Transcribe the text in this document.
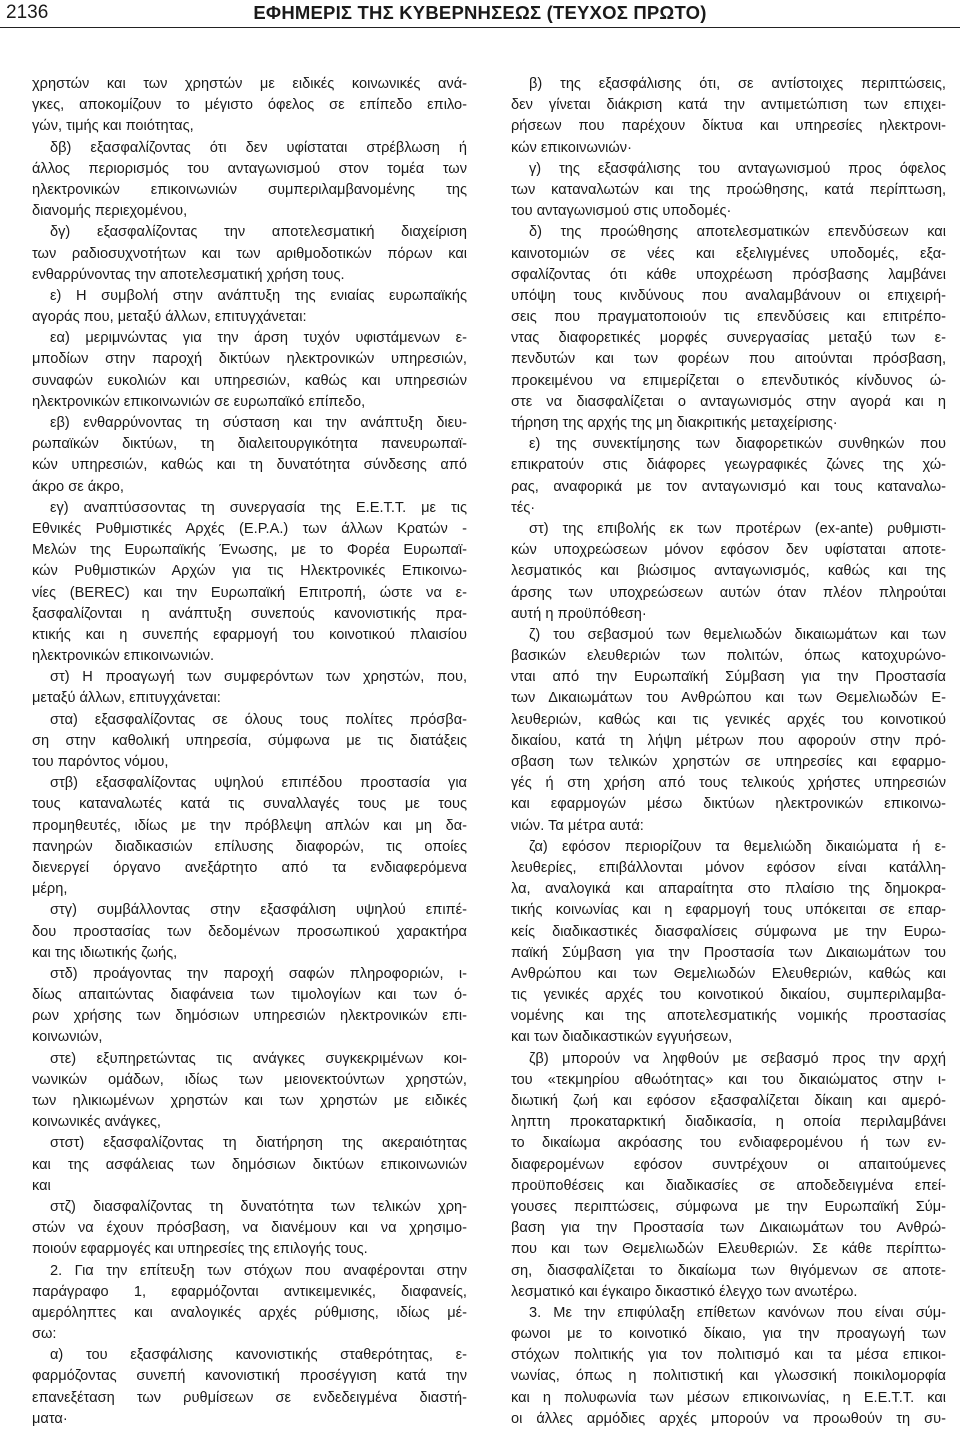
2136	ΕΦΗΜΕΡΙΣ ΤΗΣ ΚΥΒΕΡΝΗΣΕΩΣ (ΤΕΥΧΟΣ ΠΡΩΤΟ)
χρηστών και των χρηστών με ειδικές κοινωνικές ανά-
γκες, αποκομίζουν το μέγιστο όφελος σε επίπεδο επιλο-
γών, τιμής και ποιότητας,
δβ) εξασφαλίζοντας ότι δεν υφίσταται στρέβλωση ή
άλλος περιορισμός του ανταγωνισμού στον τομέα των
ηλεκτρονικών επικοινωνιών συμπεριλαμβανομένης της
διανομής περιεχομένου,
δγ) εξασφαλίζοντας την αποτελεσματική διαχείριση
των ραδιοσυχνοτήτων και των αριθμοδοτικών πόρων και
ενθαρρύνοντας την αποτελεσματική χρήση τους.
ε) Η συμβολή στην ανάπτυξη της ενιαίας ευρωπαϊκής
αγοράς που, μεταξύ άλλων, επιτυγχάνεται:
εα) μεριμνώντας για την άρση τυχόν υφιστάμενων ε-
μποδίων στην παροχή δικτύων ηλεκτρονικών υπηρεσιών,
συναφών ευκολιών και υπηρεσιών, καθώς και υπηρεσιών
ηλεκτρονικών επικοινωνιών σε ευρωπαϊκό επίπεδο,
εβ) ενθαρρύνοντας τη σύσταση και την ανάπτυξη διευ-
ρωπαϊκών δικτύων, τη διαλειτουργικότητα πανευρωπαϊ-
κών υπηρεσιών, καθώς και τη δυνατότητα σύνδεσης από
άκρο σε άκρο,
εγ) αναπτύσσοντας τη συνεργασία της Ε.Ε.Τ.Τ. με τις
Εθνικές Ρυθμιστικές Αρχές (Ε.Ρ.Α.) των άλλων Κρατών -
Μελών της Ευρωπαϊκής Ένωσης, με το Φορέα Ευρωπαϊ-
κών Ρυθμιστικών Αρχών για τις Ηλεκτρονικές Επικοινω-
νίες (BEREC) και την Ευρωπαϊκή Επιτροπή, ώστε να ε-
ξασφαλίζονται η ανάπτυξη συνεπούς κανονιστικής πρα-
κτικής και η συνεπής εφαρμογή του κοινοτικού πλαισίου
ηλεκτρονικών επικοινωνιών.
στ) Η προαγωγή των συμφερόντων των χρηστών, που,
μεταξύ άλλων, επιτυγχάνεται:
στα) εξασφαλίζοντας σε όλους τους πολίτες πρόσβα-
ση στην καθολική υπηρεσία, σύμφωνα με τις διατάξεις
του παρόντος νόμου,
στβ) εξασφαλίζοντας υψηλού επιπέδου προστασία για
τους καταναλωτές κατά τις συναλλαγές τους με τους
προμηθευτές, ιδίως με την πρόβλεψη απλών και μη δα-
πανηρών διαδικασιών επίλυσης διαφορών, τις οποίες
διενεργεί όργανο ανεξάρτητο από τα ενδιαφερόμενα
μέρη,
στγ) συμβάλλοντας στην εξασφάλιση υψηλού επιπέ-
δου προστασίας των δεδομένων προσωπικού χαρακτήρα
και της ιδιωτικής ζωής,
στδ) προάγοντας την παροχή σαφών πληροφοριών, ι-
δίως απαιτώντας διαφάνεια των τιμολογίων και των ό-
ρων χρήσης των δημόσιων υπηρεσιών ηλεκτρονικών επι-
κοινωνιών,
στε) εξυπηρετώντας τις ανάγκες συγκεκριμένων κοι-
νωνικών ομάδων, ιδίως των μειονεκτούντων χρηστών,
των ηλικιωμένων χρηστών και των χρηστών με ειδικές
κοινωνικές ανάγκες,
στστ) εξασφαλίζοντας τη διατήρηση της ακεραιότητας
και της ασφάλειας των δημόσιων δικτύων επικοινωνιών
και
στζ) διασφαλίζοντας τη δυνατότητα των τελικών χρη-
στών να έχουν πρόσβαση, να διανέμουν και να χρησιμο-
ποιούν εφαρμογές και υπηρεσίες της επιλογής τους.
2. Για την επίτευξη των στόχων που αναφέρονται στην
παράγραφο 1, εφαρμόζονται αντικειμενικές, διαφανείς,
αμερόληπτες και αναλογικές αρχές ρύθμισης, ιδίως μέ-
σω:
α) του εξασφάλισης κανονιστικής σταθερότητας, ε-
φαρμόζοντας συνεπή κανονιστική προσέγγιση κατά την
επανεξέταση των ρυθμίσεων σε ενδεδειγμένα διαστή-
ματα·
β) της εξασφάλισης ότι, σε αντίστοιχες περιπτώσεις,
δεν γίνεται διάκριση κατά την αντιμετώπιση των επιχει-
ρήσεων που παρέχουν δίκτυα και υπηρεσίες ηλεκτρονι-
κών επικοινωνιών·
γ) της εξασφάλισης του ανταγωνισμού προς όφελος
των καταναλωτών και της προώθησης, κατά περίπτωση,
του ανταγωνισμού στις υποδομές·
δ) της προώθησης αποτελεσματικών επενδύσεων και
καινοτομιών σε νέες και εξελιγμένες υποδομές, εξα-
σφαλίζοντας ότι κάθε υποχρέωση πρόσβασης λαμβάνει
υπόψη τους κινδύνους που αναλαμβάνουν οι επιχειρή-
σεις που πραγματοποιούν τις επενδύσεις και επιτρέπο-
ντας διαφορετικές μορφές συνεργασίας μεταξύ των ε-
πενδυτών και των φορέων που αιτούνται πρόσβαση,
προκειμένου να επιμερίζεται ο επενδυτικός κίνδυνος ώ-
στε να διασφαλίζεται ο ανταγωνισμός στην αγορά και η
τήρηση της αρχής της μη διακριτικής μεταχείρισης·
ε) της συνεκτίμησης των διαφορετικών συνθηκών που
επικρατούν στις διάφορες γεωγραφικές ζώνες της χώ-
ρας, αναφορικά με τον ανταγωνισμό και τους καταναλω-
τές·
στ) της επιβολής εκ των προτέρων (ex-ante) ρυθμιστι-
κών υποχρεώσεων μόνον εφόσον δεν υφίσταται αποτε-
λεσματικός και βιώσιμος ανταγωνισμός, καθώς και της
άρσης των υποχρεώσεων αυτών όταν πλέον πληρούται
αυτή η προϋπόθεση·
ζ) του σεβασμού των θεμελιωδών δικαιωμάτων και των
βασικών ελευθεριών των πολιτών, όπως κατοχυρώνο-
νται από την Ευρωπαϊκή Σύμβαση για την Προστασία
των Δικαιωμάτων του Ανθρώπου και των Θεμελιωδών Ε-
λευθεριών, καθώς και τις γενικές αρχές του κοινοτικού
δικαίου, κατά τη λήψη μέτρων που αφορούν στην πρό-
σβαση των τελικών χρηστών σε υπηρεσίες και εφαρμο-
γές ή στη χρήση από τους τελικούς χρήστες υπηρεσιών
και εφαρμογών μέσω δικτύων ηλεκτρονικών επικοινω-
νιών. Τα μέτρα αυτά:
ζα) εφόσον περιορίζουν τα θεμελιώδη δικαιώματα ή ε-
λευθερίες, επιβάλλονται μόνον εφόσον είναι κατάλλη-
λα, αναλογικά και απαραίτητα στο πλαίσιο της δημοκρα-
τικής κοινωνίας και η εφαρμογή τους υπόκειται σε επαρ-
κείς διαδικαστικές διασφαλίσεις σύμφωνα με την Ευρω-
παϊκή Σύμβαση για την Προστασία των Δικαιωμάτων του
Ανθρώπου και των Θεμελιωδών Ελευθεριών, καθώς και
τις γενικές αρχές του κοινοτικού δικαίου, συμπεριλαμβα-
νομένης και της αποτελεσματικής νομικής προστασίας
και των διαδικαστικών εγγυήσεων,
ζβ) μπορούν να ληφθούν με σεβασμό προς την αρχή
του «τεκμηρίου αθωότητας» και του δικαιώματος στην ι-
διωτική ζωή και εφόσον εξασφαλίζεται δίκαιη και αμερό-
ληπτη προκαταρκτική διαδικασία, η οποία περιλαμβάνει
το δικαίωμα ακρόασης του ενδιαφερομένου ή των εν-
διαφερομένων εφόσον συντρέχουν οι απαιτούμενες
προϋποθέσεις και διαδικασίες σε αποδεδειγμένα επεί-
γουσες περιπτώσεις, σύμφωνα με την Ευρωπαϊκή Σύμ-
βαση για την Προστασία των Δικαιωμάτων του Ανθρώ-
που και των Θεμελιωδών Ελευθεριών. Σε κάθε περίπτω-
ση, διασφαλίζεται το δικαίωμα των θιγόμενων σε αποτε-
λεσματικό και έγκαιρο δικαστικό έλεγχο των ανωτέρω.
3. Με την επιφύλαξη επίθετων κανόνων που είναι σύμ-
φωνοι με το κοινοτικό δίκαιο, για την προαγωγή των
στόχων πολιτικής για τον πολιτισμό και τα μέσα επικοι-
νωνίας, όπως η πολιτιστική και γλωσσική ποικιλομορφία
και η πολυφωνία των μέσων επικοινωνίας, η Ε.Ε.Τ.Τ. και
οι άλλες αρμόδιες αρχές μπορούν να προωθούν τη συ-
